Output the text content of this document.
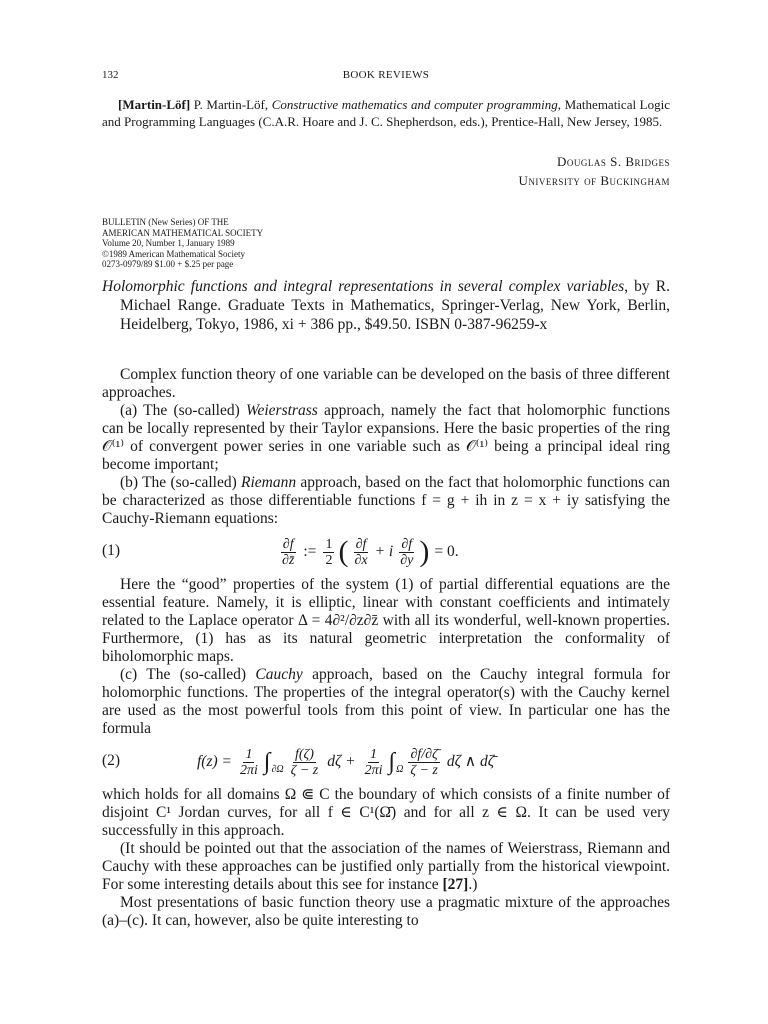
132	BOOK REVIEWS
[Martin-Löf] P. Martin-Löf, Constructive mathematics and computer programming, Mathematical Logic and Programming Languages (C.A.R. Hoare and J. C. Shepherdson, eds.), Prentice-Hall, New Jersey, 1985.
Douglas S. Bridges
University of Buckingham
BULLETIN (New Series) OF THE
AMERICAN MATHEMATICAL SOCIETY
Volume 20, Number 1, January 1989
©1989 American Mathematical Society
0273-0979/89 $1.00 + $.25 per page
Holomorphic functions and integral representations in several complex variables, by R. Michael Range. Graduate Texts in Mathematics, Springer-Verlag, New York, Berlin, Heidelberg, Tokyo, 1986, xi + 386 pp., $49.50. ISBN 0-387-96259-x

Complex function theory of one variable can be developed on the basis of three different approaches.

(a) The (so-called) Weierstrass approach, namely the fact that holomorphic functions can be locally represented by their Taylor expansions. Here the basic properties of the ring 𝒪⁽¹⁾ of convergent power series in one variable such as 𝒪⁽¹⁾ being a principal ideal ring become important;

(b) The (so-called) Riemann approach, based on the fact that holomorphic functions can be characterized as those differentiable functions f = g + ih in z = x + iy satisfying the Cauchy-Riemann equations:

(1)	$\frac{\partial f}{\partial z̄}$ := $\frac{1}{2}$ ( $\frac{\partial f}{\partial x} + i \frac{\partial f}{\partial y}$ ) = 0.

Here the “good” properties of the system (1) of partial differential equations are the essential feature. Namely, it is elliptic, linear with constant coefficients and intimately related to the Laplace operator Δ = 4∂²/∂z∂z̄ with all its wonderful, well-known properties. Furthermore, (1) has as its natural geometric interpretation the conformality of biholomorphic maps.

(c) The (so-called) Cauchy approach, based on the Cauchy integral formula for holomorphic functions. The properties of the integral operator(s) with the Cauchy kernel are used as the most powerful tools from this point of view. In particular one has the formula

(2)	$f(z) = \frac{1}{2\pi i}$ ∫ $\partial\Omega \frac{f(\zeta)}{\zeta - z}$ $d\zeta + \frac{1}{2\pi i}$ ∫ Ω $\frac{\partial f/\partial\zetā}{\zeta - z}$ dζ ∧ dζ̄

which holds for all domains Ω ⋐ C the boundary of which consists of a finite number of disjoint C¹ Jordan curves, for all f ∈ C¹(Ω̄) and for all z ∈ Ω. It can be used very successfully in this approach.

(It should be pointed out that the association of the names of Weierstrass, Riemann and Cauchy with these approaches can be justified only partially from the historical viewpoint. For some interesting details about this see for instance [27].)

Most presentations of basic function theory use a pragmatic mixture of the approaches (a)–(c). It can, however, also be quite interesting to
